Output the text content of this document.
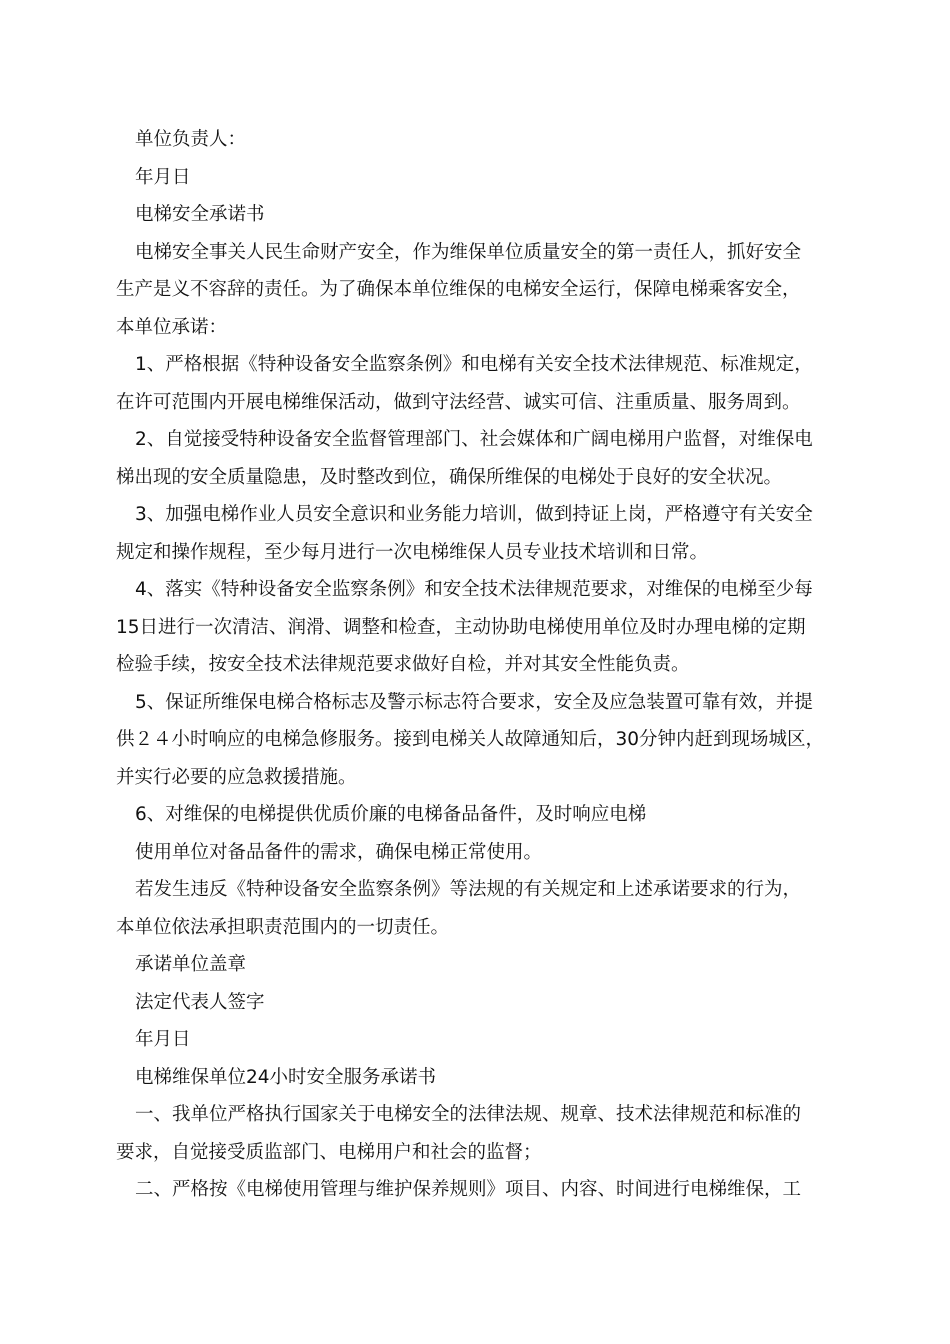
单位负责人：
年月日
电梯安全承诺书
电梯安全事关人民生命财产安全，作为维保单位质量安全的第一责任人，抓好安全
生产是义不容辞的责任。为了确保本单位维保的电梯安全运行，保障电梯乘客安全，
本单位承诺：
1、严格根据《特种设备安全监察条例》和电梯有关安全技术法律规范、标准规定，
在许可范围内开展电梯维保活动，做到守法经营、诚实可信、注重质量、服务周到。
2、自觉接受特种设备安全监督管理部门、社会媒体和广阔电梯用户监督，对维保电
梯出现的安全质量隐患，及时整改到位，确保所维保的电梯处于良好的安全状况。
3、加强电梯作业人员安全意识和业务能力培训，做到持证上岗，严格遵守有关安全
规定和操作规程，至少每月进行一次电梯维保人员专业技术培训和日常。
4、落实《特种设备安全监察条例》和安全技术法律规范要求，对维保的电梯至少每
15日进行一次清洁、润滑、调整和检查，主动协助电梯使用单位及时办理电梯的定期
检验手续，按安全技术法律规范要求做好自检，并对其安全性能负责。
5、保证所维保电梯合格标志及警示标志符合要求，安全及应急装置可靠有效，并提
供２４小时响应的电梯急修服务。接到电梯关人故障通知后，30分钟内赶到现场城区，
并实行必要的应急救援措施。
6、对维保的电梯提供优质价廉的电梯备品备件，及时响应电梯
使用单位对备品备件的需求，确保电梯正常使用。
若发生违反《特种设备安全监察条例》等法规的有关规定和上述承诺要求的行为，
本单位依法承担职责范围内的一切责任。
承诺单位盖章
法定代表人签字
年月日
电梯维保单位24小时安全服务承诺书
一、我单位严格执行国家关于电梯安全的法律法规、规章、技术法律规范和标准的
要求，自觉接受质监部门、电梯用户和社会的监督；
二、严格按《电梯使用管理与维护保养规则》项目、内容、时间进行电梯维保，工
